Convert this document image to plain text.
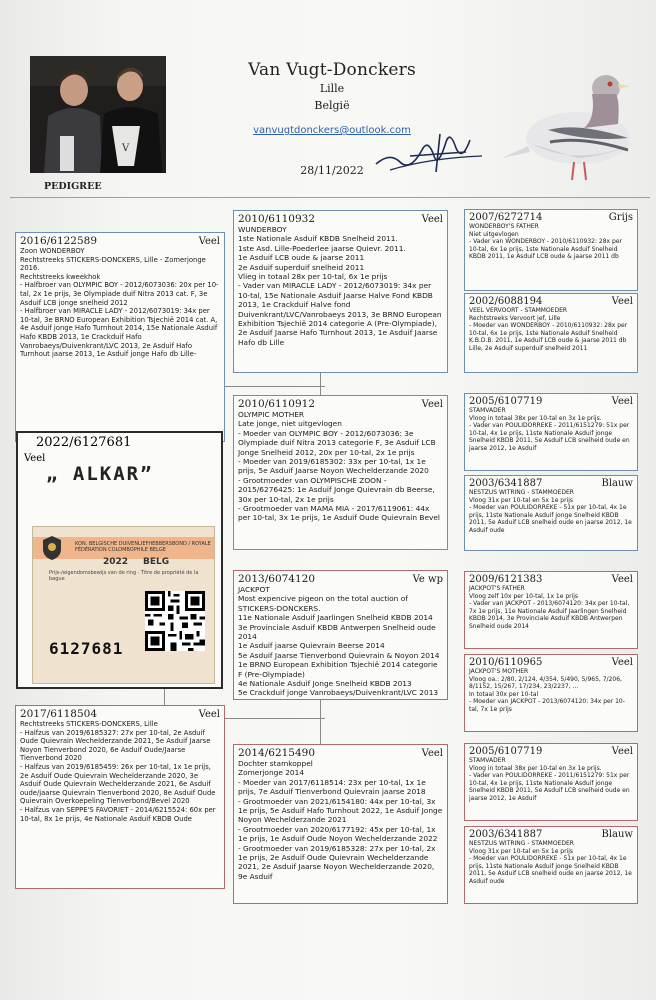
V
Van Vugt-Donckers
Lille
België
vanvugtdonckers@outlook.com
28/11/2022
PEDIGREE
2016/6122589	Veel
Zoon WONDERBOY
Rechtstreeks STICKERS-DONCKERS, Lille - Zomerjonge 2016.
Rechtstreeks kweekhok
- Halfbroer van OLYMPIC BOY - 2012/6073036: 20x per 10-tal, 2x 1e prijs, 3e Olympiade duif Nitra 2013 cat. F, 3e Asduif LCB jonge snelheid 2012
- Halfbroer van MIRACLE LADY - 2012/6073019: 34x per 10-tal, 3e BRNO European Exhibition Tsjechië 2014 cat. A, 4e Asduif jonge Hafo Turnhout 2014, 15e Nationale Asduif Hafo KBDB 2013, 1e Crackduif Hafo Vanrobaeys/Duivenkrant/LVC 2013, 2e Asduif Hafo Turnhout jaarse 2013, 1e Asduif jonge Hafo db Lille-
2022/6127681
Veel
„ ALKAR”
KON. BELGISCHE DUIVENLIEFHEBBERSBOND / ROYALE FÉDÉRATION COLOMBOPHILE BELGE
2022 BELG
Prijs-/eigendomsbewijs van de ring · Titre de propriété de la bague
6127681
2017/6118504	Veel
Rechtstreeks STICKERS-DONCKERS, Lille
- Halfzus van 2019/6185327: 27x per 10-tal, 2e Asduif Oude Quievrain Wechelderzande 2021, 5e Asduif Jaarse Noyon Tienverbond 2020, 6e Asduif Oude/Jaarse Tienverbond 2020
- Halfzus van 2019/6185459: 26x per 10-tal, 1x 1e prijs, 2e Asduif Oude Quievrain Wechelderzande 2020, 3e Asduif Oude Quievrain Wechelderzande 2021, 6e Asduif oude/jaarse Quievrain Tienverbond 2020, 8e Asduif Oude Quievrain Overkoepeling Tienverbond/Bevel 2020
- Halfzus van SEPPE'S FAVORIET - 2014/6215524: 60x per 10-tal, 8x 1e prijs, 4e Nationale Asduif KBDB Oude
2010/6110932	Veel
WUNDERBOY
1ste Nationale Asduif KBDB Snelheid 2011.
1ste Asd. Lille-Poederlee jaarse Quievr. 2011.
1e Asduif LCB oude & jaarse 2011
2e Asduif superduif snelheid 2011
Vlieg in totaal 28x per 10-tal, 6x 1e prijs
- Vader van MIRACLE LADY - 2012/6073019: 34x per 10-tal, 15e Nationale Asduif Jaarse Halve Fond KBDB 2013, 1e Crackduif Halve fond Duivenkrant/LVC/Vanrobaeys 2013, 3e BRNO European Exhibition Tsjechië 2014 categorie A (Pre-Olympiade), 2e Asduif Jaarse Hafo Turnhout 2013, 1e Asduif Jaarse Hafo db Lille
2010/6110912	Veel
OLYMPIC MOTHER
Late jonge, niet uitgevlogen
- Moeder van OLYMPIC BOY - 2012/6073036: 3e Olympiade duif Nitra 2013 categorie F, 3e Asduif LCB Jonge Snelheid 2012, 20x per 10-tal, 2x 1e prijs
- Moeder van 2019/6185302: 33x per 10-tal, 1x 1e prijs, 5e Asduif Jaarse Noyon Wechelderzande 2020
- Grootmoeder van OLYMPISCHE ZOON - 2015/6276425: 1e Asduif Jonge Quievrain db Beerse, 30x per 10-tal, 2x 1e prijs
- Grootmoeder van MAMA MIA - 2017/6119061: 44x per 10-tal, 3x 1e prijs, 1e Asduif Oude Quievrain Bevel
2013/6074120	Ve wp
JACKPOT
Most expencive pigeon on the total auction of STICKERS-DONCKERS.
11e Nationale Asduif Jaarlingen Snelheid KBDB 2014
3e Provinciale Asduif KBDB Antwerpen Snelheid oude 2014
1e Asduif jaarse Quievrain Beerse 2014
5e Asduif Jaarse Tienverbond Quievrain & Noyon 2014
1e BRNO European Exhibition Tsjechië 2014 categorie F (Pre-Olympiade)
4e Nationale Asduif Jonge Snelheid KBDB 2013
5e Crackduif jonge Vanrobaeys/Duivenkrant/LVC 2013
2014/6215490	Veel
Dochter stamkoppel
Zomerjonge 2014
- Moeder van 2017/6118514: 23x per 10-tal, 1x 1e prijs, 7e Asduif Tienverbond Quievrain jaarse 2018
- Grootmoeder van 2021/6154180: 44x per 10-tal, 3x 1e prijs, 5e Asduif Hafo Turnhout 2022, 1e Asduif Jonge Noyon Wechelderzande 2021
- Grootmoeder van 2020/6177192: 45x per 10-tal, 1x 1e prijs, 1e Asduif Oude Noyon Wechelderzande 2022
- Grootmoeder van 2019/6185328: 27x per 10-tal, 2x 1e prijs, 2e Asduif Oude Quievrain Wechelderzande 2021, 2e Asduif Jaarse Noyon Wechelderzande 2020, 9e Asduif
2007/6272714	Grijs
WONDERBOY'S FATHER
Niet uitgevlogen
- Vader van WONDERBOY - 2010/6110932: 28x per 10-tal, 6x 1e prijs, 1ste Nationale Asduif Snelheid KBDB 2011, 1e Asduif LCB oude & jaarse 2011 db
2002/6088194	Veel
VEEL VERVOORT - STAMMOEDER
Rechtstreeks Vervoort jef, Lille
- Moeder van WONDERBOY - 2010/6110932: 28x per 10-tal, 6x 1e prijs, 1ste Nationale Asduif Snelheid K.B.D.B. 2011, 1e Asduif LCB oude & jaarse 2011 db Lille, 2e Asduif superduif snelheid 2011
2005/6107719	Veel
STAMVADER
Vloog in totaal 38x per 10-tal en 3x 1e prijs.
- Vader van POULIDORREKE - 2011/6151279: 51x per 10-tal, 4x 1e prijs, 11ste Nationale Asduif jonge Snelheid KBDB 2011, 5e Asduif LCB snelheid oude en jaarse 2012, 1e Asduif
2003/6341887	Blauw
NESTZUS WITRING - STAMMOEDER
Vloog 31x per 10-tal en 5x 1e prijs
- Moeder van POULIDORREKE - 51x per 10-tal, 4x 1e prijs, 11ste Nationale Asduif jonge Snelheid KBDB 2011, 5e Asduif LCB snelheid oude en jaarse 2012, 1e Asduif oude
2009/6121383	Veel
JACKPOT'S FATHER
Vloog zelf 10x per 10-tal, 1x 1e prijs
- Vader van JACKPOT - 2013/6074120: 34x per 10-tal, 7x 1e prijs, 11e Nationale Asduif Jaarlingen Snelheid KBDB 2014, 3e Provinciale Asduif KBDB Antwerpen Snelheid oude 2014
2010/6110965	Veel
JACKPOT'S MOTHER
Vloog oa.: 2/80, 2/124, 4/354, 5/490, 5/965, 7/206, 8/1152, 15/267, 17/234, 23/2237, ...
In totaal 30x per 10-tal
- Moeder van JACKPOT - 2013/6074120: 34x per 10-tal, 7x 1e prijs
2005/6107719	Veel
STAMVADER
Vloog in totaal 38x per 10-tal en 3x 1e prijs.
- Vader van POULIDORREKE - 2011/6151279: 51x per 10-tal, 4x 1e prijs, 11ste Nationale Asduif jonge Snelheid KBDB 2011, 5e Asduif LCB snelheid oude en jaarse 2012, 1e Asduif
2003/6341887	Blauw
NESTZUS WITRING - STAMMOEDER
Vloog 31x per 10-tal en 5x 1e prijs
- Moeder van POULIDORREKE - 51x per 10-tal, 4x 1e prijs, 11ste Nationale Asduif jonge Snelheid KBDB 2011, 5e Asduif LCB snelheid oude en jaarse 2012, 1e Asduif oude
